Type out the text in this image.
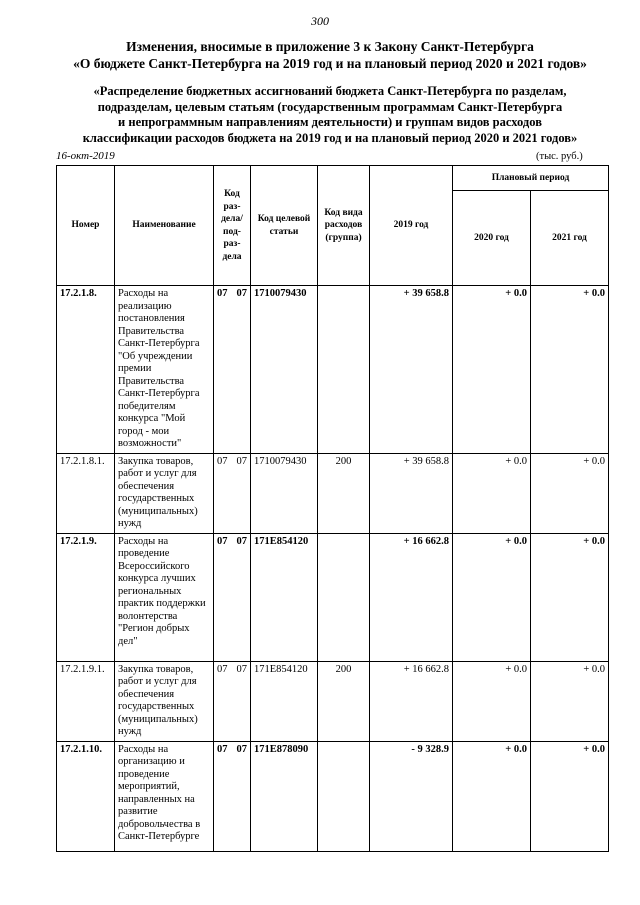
300
Изменения, вносимые в приложение 3 к Закону Санкт-Петербурга
«О бюджете Санкт-Петербурга на 2019 год и на плановый период 2020 и 2021 годов»
«Распределение бюджетных ассигнований бюджета Санкт-Петербурга по разделам,
подразделам, целевым статьям (государственным программам Санкт-Петербурга
и непрограммным направлениям деятельности) и группам видов расходов
классификации расходов бюджета на 2019 год и на плановый период 2020 и 2021 годов»
16-окт-2019	(тыс. руб.)
Номер	Наименование	Код раз-дела/ под-раз-дела	Код целевой статьи	Код вида расходов (группа)	2019 год	Плановый период	
						2020 год	2021 год
17.2.1.8.	Расходы на реализацию постановления Правительства Санкт-Петербурга "Об учреждении премии Правительства Санкт-Петербурга победителям конкурса "Мой город - мои возможности"	07 07	1710079430		+ 39 658.8	+ 0.0	+ 0.0
17.2.1.8.1.	Закупка товаров, работ и услуг для обеспечения государственных (муниципальных) нужд	07 07	1710079430	200	+ 39 658.8	+ 0.0	+ 0.0
17.2.1.9.	Расходы на проведение Всероссийского конкурса лучших региональных практик поддержки волонтерства "Регион добрых дел"	07 07	171E854120		+ 16 662.8	+ 0.0	+ 0.0
17.2.1.9.1.	Закупка товаров, работ и услуг для обеспечения государственных (муниципальных) нужд	07 07	171E854120	200	+ 16 662.8	+ 0.0	+ 0.0
17.2.1.10.	Расходы на организацию и проведение мероприятий, направленных на развитие добровольчества в Санкт-Петербурге	07 07	171E878090		- 9 328.9	+ 0.0	+ 0.0
